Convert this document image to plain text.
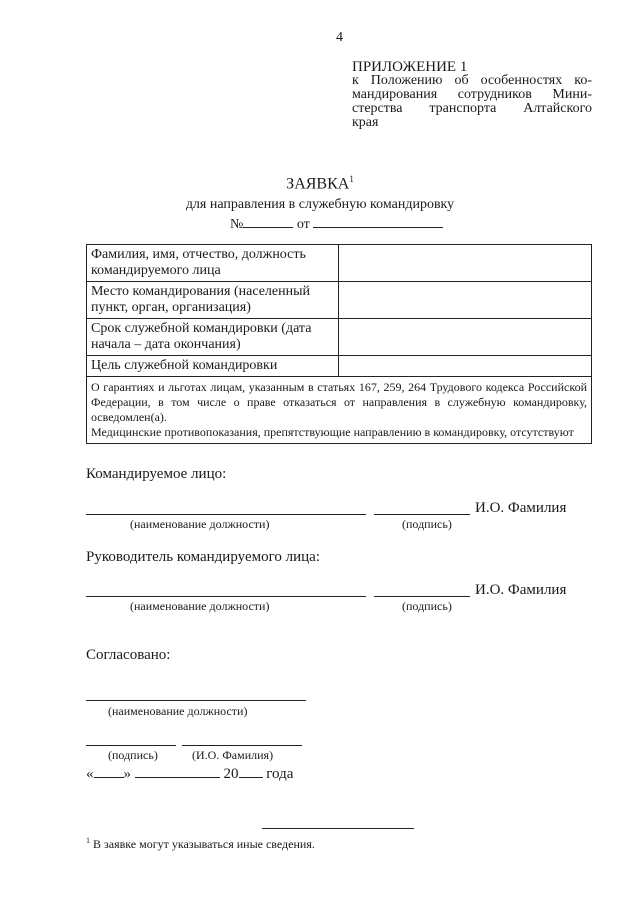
4
ПРИЛОЖЕНИЕ 1
к Положению об особенностях ко-
мандирования сотрудников Мини-
стерства транспорта Алтайского
края
ЗАЯВКА$^1$
для направления в служебную командировку
№	от
Фамилия, имя, отчество, должность командируемого лица	
Место командирования (населенный пункт, орган, организация)	
Срок служебной командировки (дата начала – дата окончания)	
Цель служебной командировки	

О гарантиях и льготах лицам, указанным в статьях 167, 259, 264 Трудового кодекса Российской Федерации, в том числе о праве отказаться от направления в служебную командировку, осведомлен(а).
Медицинские противопоказания, препятствующие направлению в командировку, отсутствуют	
Командируемое лицо:
И.О. Фамилия
(наименование должности)	(подпись)
Руководитель командируемого лица:
И.О. Фамилия
(наименование должности)	(подпись)
Согласовано:
(наименование должности)
(подпись)	(И.О. Фамилия)
« »	20 года
$^1$ В заявке могут указываться иные сведения.
